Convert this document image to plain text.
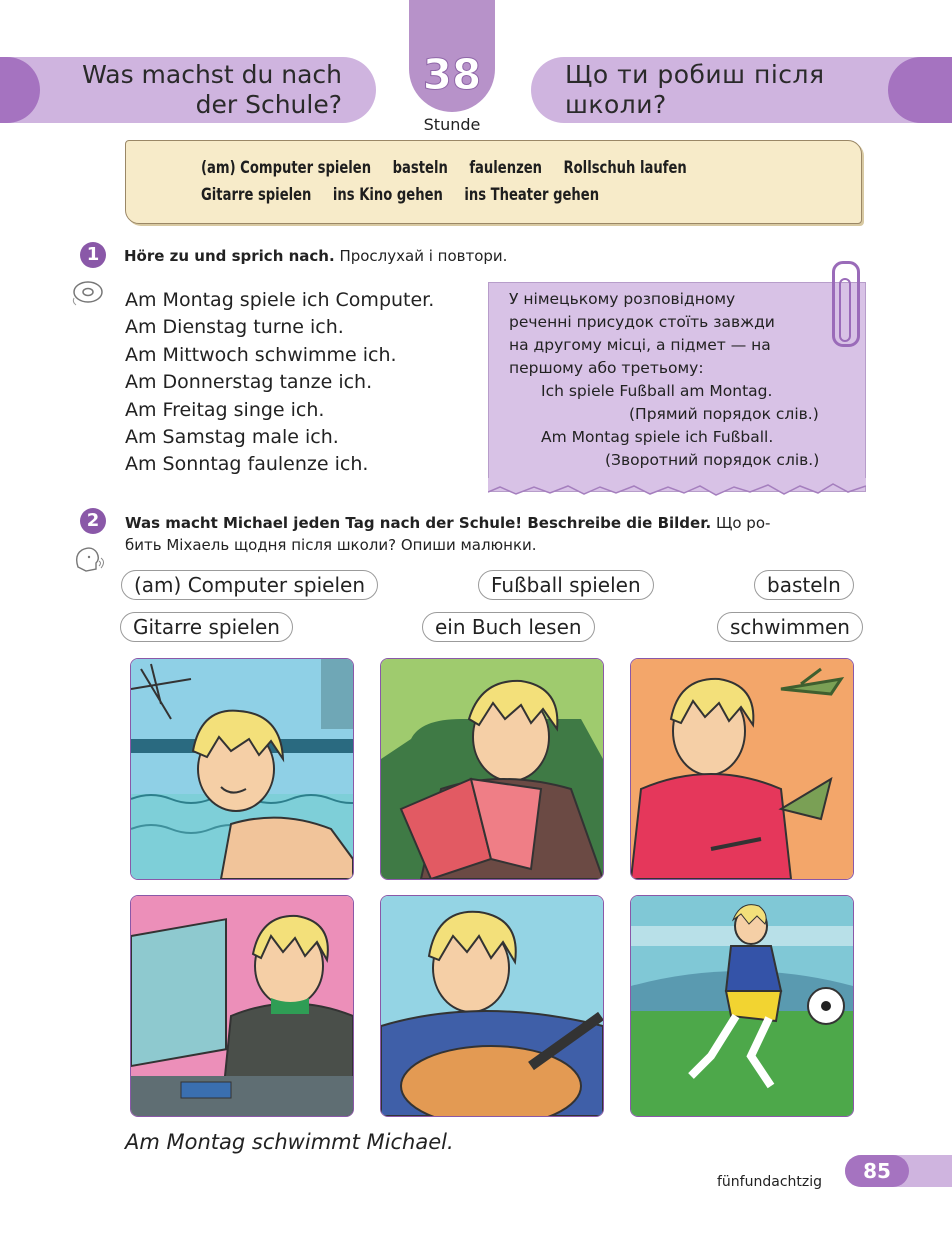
Was machst du nach
der Schule?
38
Stunde
Що ти робиш після
школи?
(am) Computer spielen basteln faulenzen Rollschuh laufen
Gitarre spielen ins Kino gehen ins Theater gehen
1	Höre zu und sprich nach. Прослухай і повтори.
Am Montag spiele ich Computer.
Am Dienstag turne ich.
Am Mittwoch schwimme ich.
Am Donnerstag tanze ich.
Am Freitag singe ich.
Am Samstag male ich.
Am Sonntag faulenze ich.
У німецькому розповідному
реченні присудок стоїть завжди
на другому місці, а підмет — на
першому або третьому:
Ich spiele Fußball am Montag.
(Прямий порядок слів.)
Am Montag spiele ich Fußball.
(Зворотний порядок слів.)
2	Was macht Michael jeden Tag nach der Schule! Beschreibe die Bilder. Що ро-
бить Міхаель щодня після школи? Опиши малюнки.
(am) Computer spielen	Fußball spielen	basteln
Gitarre spielen	ein Buch lesen	schwimmen
Am Montag schwimmt Michael.
fünfundachtzig	85
